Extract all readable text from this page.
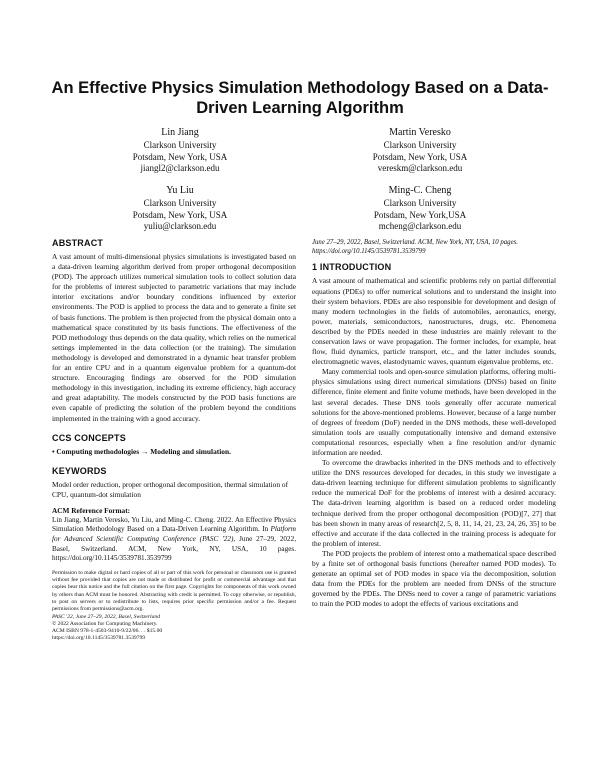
An Effective Physics Simulation Methodology Based on a Data-Driven Learning Algorithm
Lin Jiang
Clarkson University
Potsdam, New York, USA
jiangl2@clarkson.edu
Martin Veresko
Clarkson University
Potsdam, New York, USA
vereskm@clarkson.edu
Yu Liu
Clarkson University
Potsdam, New York, USA
yuliu@clarkson.edu
Ming-C. Cheng
Clarkson University
Potsdam, New York,USA
mcheng@clarkson.edu
ABSTRACT

A vast amount of multi-dimensional physics simulations is investigated based on a data-driven learning algorithm derived from proper orthogonal decomposition (POD). The approach utilizes numerical simulation tools to collect solution data for the problems of interest subjected to parametric variations that may include interior excitations and/or boundary conditions influenced by exterior environments. The POD is applied to process the data and to generate a finite set of basis functions. The problem is then projected from the physical domain onto a mathematical space constituted by its basis functions. The effectiveness of the POD methodology thus depends on the data quality, which relies on the numerical settings implemented in the data collection (or the training). The simulation methodology is developed and demonstrated in a dynamic heat transfer problem for an entire CPU and in a quantum eigenvalue problem for a quantum-dot structure. Encouraging findings are observed for the POD simulation methodology in this investigation, including its extreme efficiency, high accuracy and great adaptability. The models constructed by the POD basis functions are even capable of predicting the solution of the problem beyond the conditions implemented in the training with a good accuracy.

CCS CONCEPTS

• Computing methodologies → Modeling and simulation.

KEYWORDS

Model order reduction, proper orthogonal decomposition, thermal simulation of CPU, quantum-dot simulation

ACM Reference Format:

Lin Jiang, Martin Veresko, Yu Liu, and Ming-C. Cheng. 2022. An Effective Physics Simulation Methodology Based on a Data-Driven Learning Algorithm. In Platform for Advanced Scientific Computing Conference (PASC '22), June 27–29, 2022, Basel, Switzerland. ACM, New York, NY, USA, 10 pages. https://doi.org/10.1145/3539781.3539799

Permission to make digital or hard copies of all or part of this work for personal or classroom use is granted without fee provided that copies are not made or distributed for profit or commercial advantage and that copies bear this notice and the full citation on the first page. Copyrights for components of this work owned by others than ACM must be honored. Abstracting with credit is permitted. To copy otherwise, or republish, to post on servers or to redistribute to lists, requires prior specific permission and/or a fee. Request permissions from permissions@acm.org.

PASC '22, June 27–29, 2022, Basel, Switzerland

© 2022 Association for Computing Machinery.

ACM ISBN 978-1-4503-9410-9/22/06. . . $15.00

https://doi.org/10.1145/3539781.3539799

June 27–29, 2022, Basel, Switzerland. ACM, New York, NY, USA, 10 pages. https://doi.org/10.1145/3539781.3539799

1 INTRODUCTION

A vast amount of mathematical and scientific problems rely on partial differential equations (PDEs) to offer numerical solutions and to understand the insight into their system behaviors. PDEs are also responsible for development and design of many modern technologies in the fields of automobiles, aeronautics, energy, power, materials, semiconductors, nanostructures, drugs, etc. Phenomena described by the PDEs needed in these industries are mainly relevant to the conservation laws or wave propagation. The former includes, for example, heat flow, fluid dynamics, particle transport, etc., and the latter includes sounds, electromagnetic waves, elastodynamic waves, quantum eigenvalue problems, etc.

Many commercial tools and open-source simulation platforms, offering multi-physics simulations using direct numerical simulations (DNSs) based on finite difference, finite element and finite volume methods, have been developed in the last several decades. These DNS tools generally offer accurate numerical solutions for the above-mentioned problems. However, because of a large number of degrees of freedom (DoF) needed in the DNS methods, these well-developed simulation tools are usually computationally intensive and demand extensive computational resources, especially when a fine resolution and/or dynamic information are needed.

To overcome the drawbacks inherited in the DNS methods and to effectively utilize the DNS resources developed for decades, in this study we investigate a data-driven learning technique for different simulation problems to significantly reduce the numerical DoF for the problems of interest with a desired accuracy. The data-driven learning algorithm is based on a reduced order modeling technique derived from the proper orthogonal decomposition (POD)[7, 27] that has been shown in many areas of research[2, 5, 8, 11, 14, 21, 23, 24, 26, 35] to be effective and accurate if the data collected in the training process is adequate for the problem of interest.

The POD projects the problem of interest onto a mathematical space described by a finite set of orthogonal basis functions (hereafter named POD modes). To generate an optimal set of POD modes in space via the decomposition, solution data from the PDEs for the problem are needed from DNSs of the structure governed by the PDEs. The DNSs need to cover a range of parametric variations to train the POD modes to adopt the effects of various excitations and
